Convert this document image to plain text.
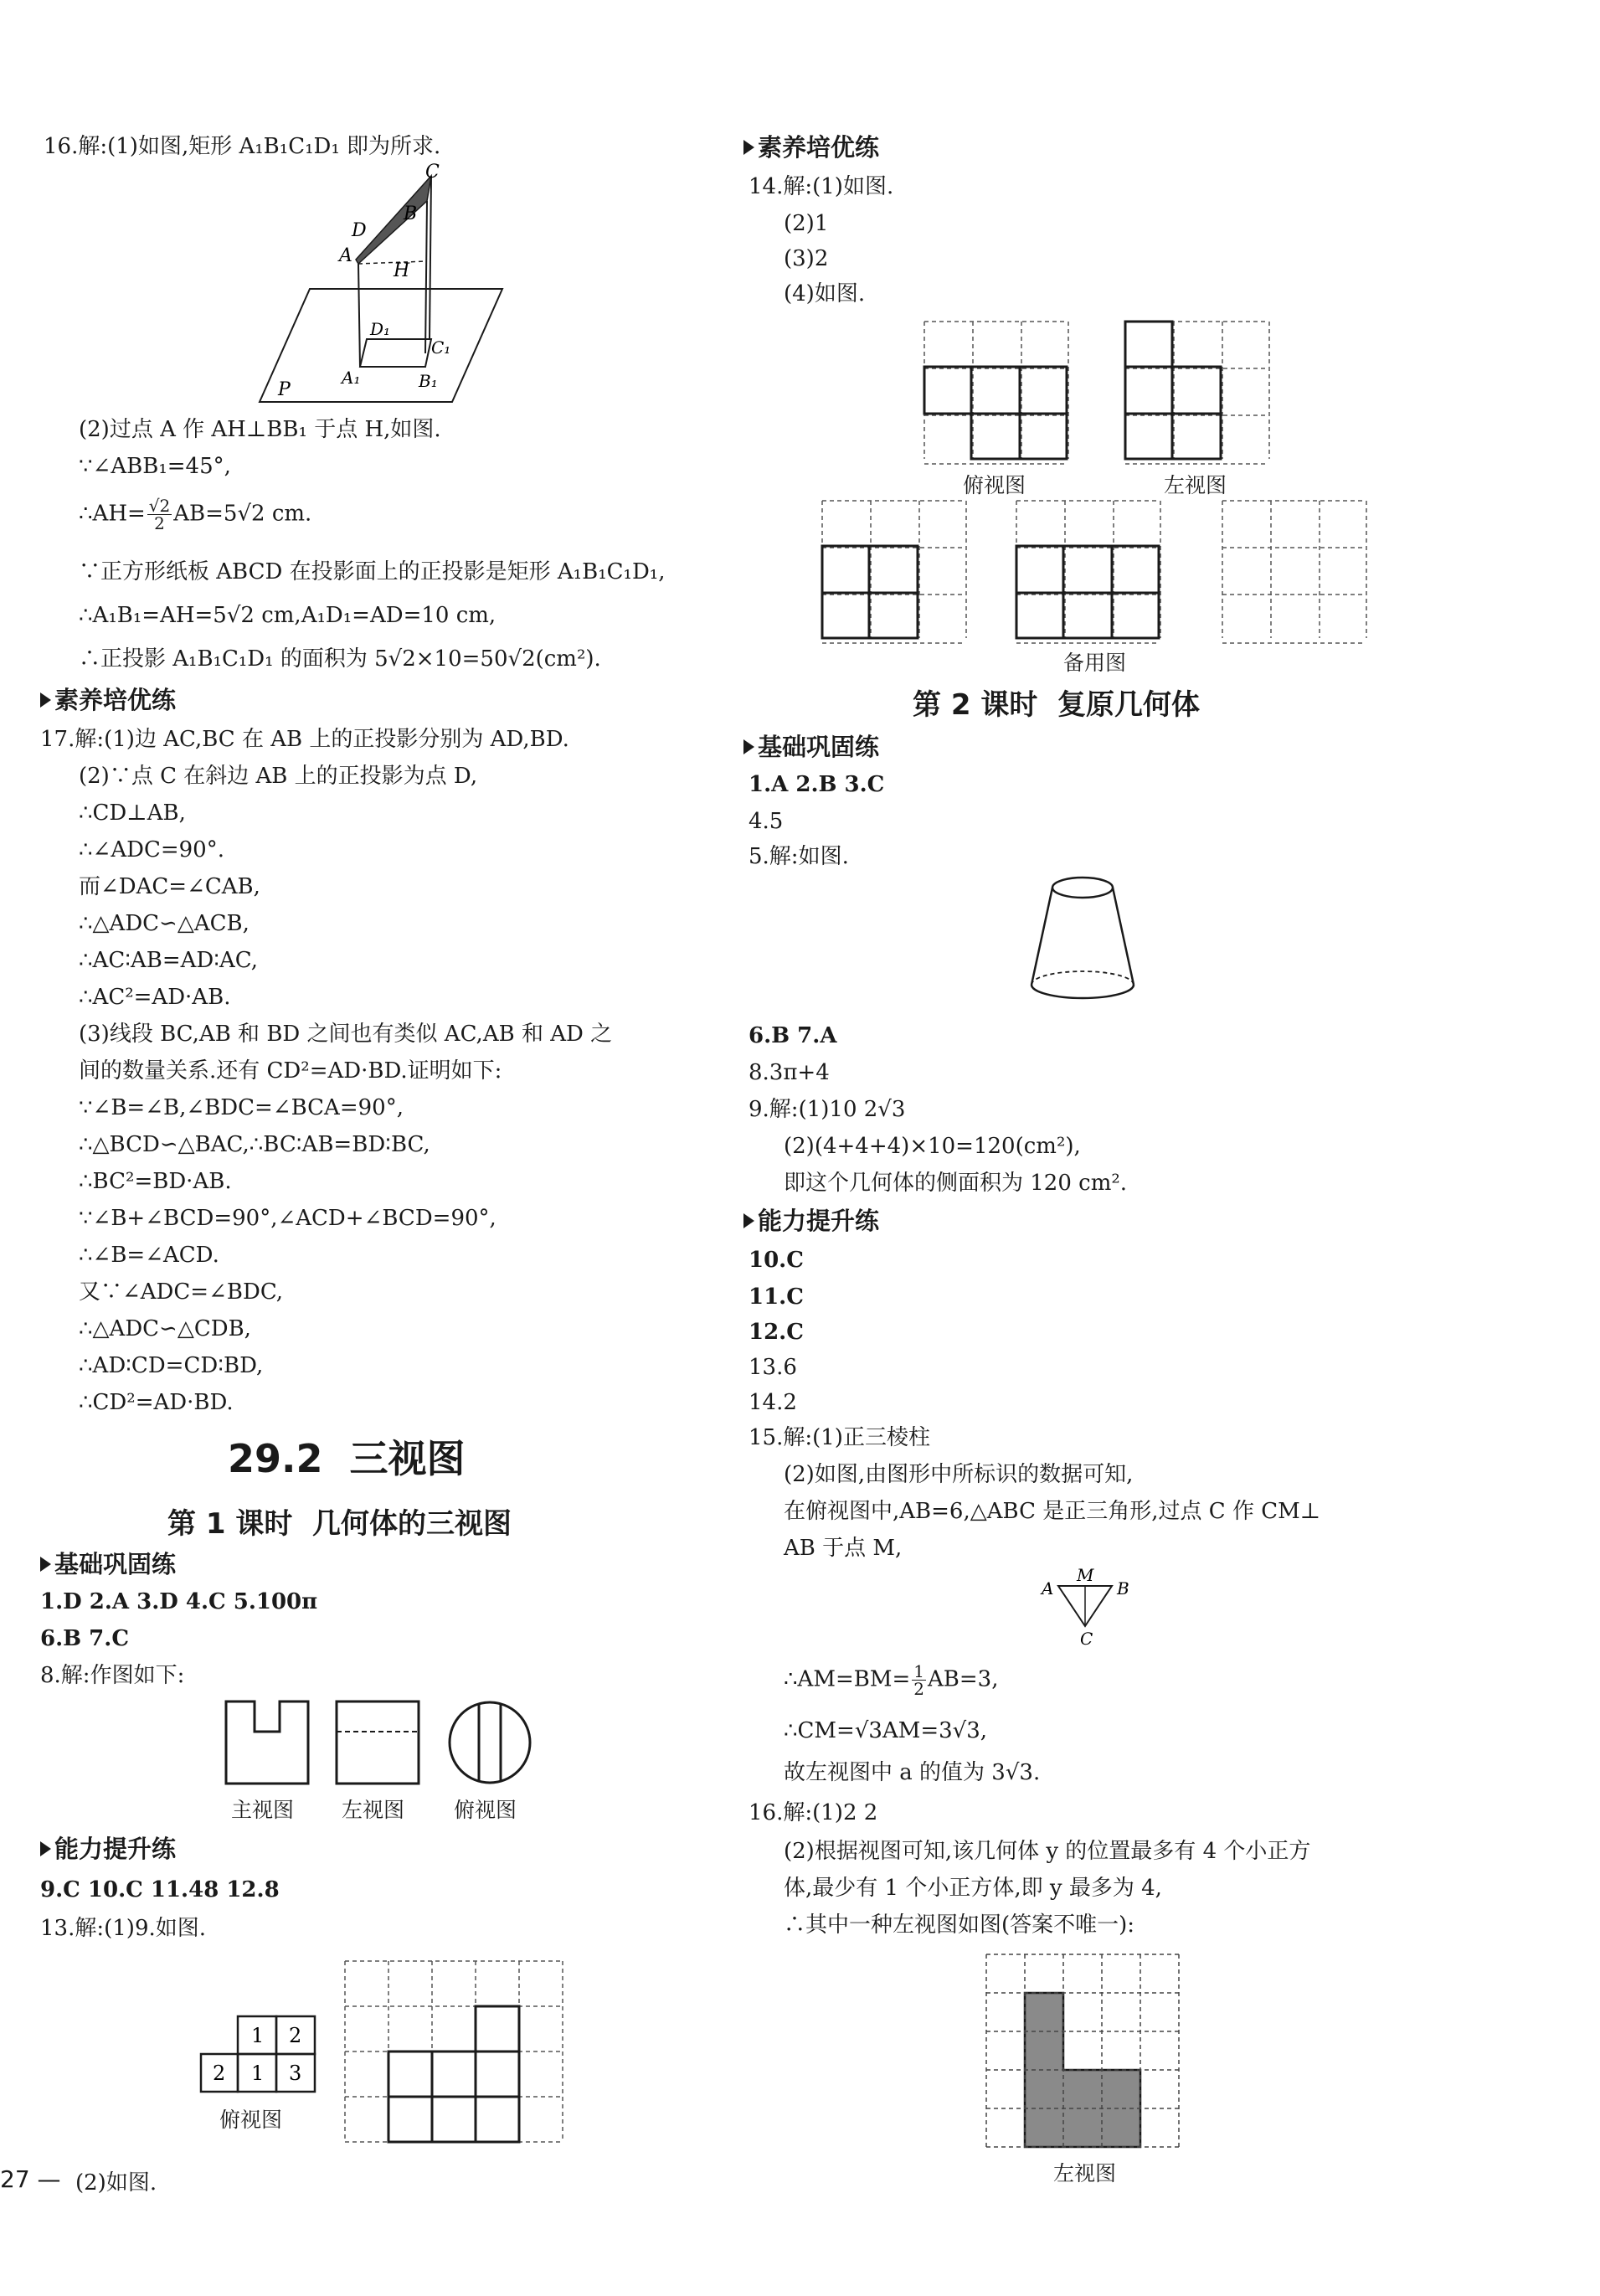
16.解:(1)如图,矩形 A₁B₁C₁D₁ 即为所求.
C
B
D
A
H
D₁
C₁
A₁	B₁
P
(2)过点 A 作 AH⊥BB₁ 于点 H,如图.
∵∠ABB₁=45°,
∴AH= $\frac{√2}{2} AB=5√2$ cm.
∵正方形纸板 ABCD 在投影面上的正投影是矩形 A₁B₁C₁D₁,
∴A₁B₁=AH=5√2 cm,A₁D₁=AD=10 cm,
∴正投影 A₁B₁C₁D₁ 的面积为 5√2×10=50√2(cm²).
素养培优练
17.解:(1)边 AC,BC 在 AB 上的正投影分别为 AD,BD.
(2)∵点 C 在斜边 AB 上的正投影为点 D,
∴CD⊥AB,
∴∠ADC=90°.
而∠DAC=∠CAB,
∴△ADC∽△ACB,
∴AC∶AB=AD∶AC,
∴AC²=AD·AB.
(3)线段 BC,AB 和 BD 之间也有类似 AC,AB 和 AD 之
间的数量关系.还有 CD²=AD·BD.证明如下:
∵∠B=∠B,∠BDC=∠BCA=90°,
∴△BCD∽△BAC,∴BC∶AB=BD∶BC,
∴BC²=BD·AB.
∵∠B+∠BCD=90°,∠ACD+∠BCD=90°,
∴∠B=∠ACD.
又∵∠ADC=∠BDC,
∴△ADC∽△CDB,
∴AD∶CD=CD∶BD,
∴CD²=AD·BD.
29.2  三视图
第 1 课时  几何体的三视图
基础巩固练
1.D 2.A 3.D 4.C 5.100π
6.B 7.C
8.解:作图如下:
主视图 左视图 俯视图
能力提升练
9.C 10.C 11.48 12.8
13.解:(1)9.如图.
1 2
2 1 3
俯视图
(2)如图.
27 —
素养培优练
14.解:(1)如图.
(2)1
(3)2
(4)如图.
俯视图	左视图
备用图
第 2 课时  复原几何体
基础巩固练
1.A 2.B 3.C
4.5
5.解:如图.
6.B 7.A
8.3π+4
9.解:(1)10 2√3
(2)(4+4+4)×10=120(cm²),
即这个几何体的侧面积为 120 cm².
能力提升练
10.C
11.C
12.C
13.6
14.2
15.解:(1)正三棱柱
(2)如图,由图形中所标识的数据可知,
在俯视图中,AB=6,△ABC 是正三角形,过点 C 作 CM⊥
AB 于点 M,
A
M
B
C
∴AM=BM= $\frac{1}{2} AB=3$,
∴CM=√3AM=3√3,
故左视图中 a 的值为 3√3.
16.解:(1)2 2
(2)根据视图可知,该几何体 y 的位置最多有 4 个小正方
体,最少有 1 个小正方体,即 y 最多为 4,
∴其中一种左视图如图(答案不唯一):
左视图
